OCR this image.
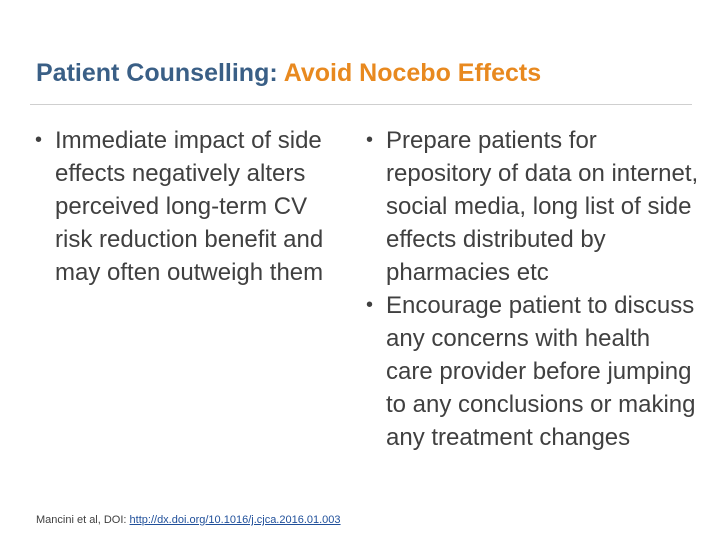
Patient Counselling: Avoid Nocebo Effects
• Immediate impact of side effects negatively alters perceived long-term CV risk reduction benefit and may often outweigh them
• Prepare patients for repository of data on internet, social media, long list of side effects distributed by pharmacies etc
• Encourage patient to discuss any concerns with health care provider before jumping to any conclusions or making any treatment changes
Mancini et al, DOI: http://dx.doi.org/10.1016/j.cjca.2016.01.003
